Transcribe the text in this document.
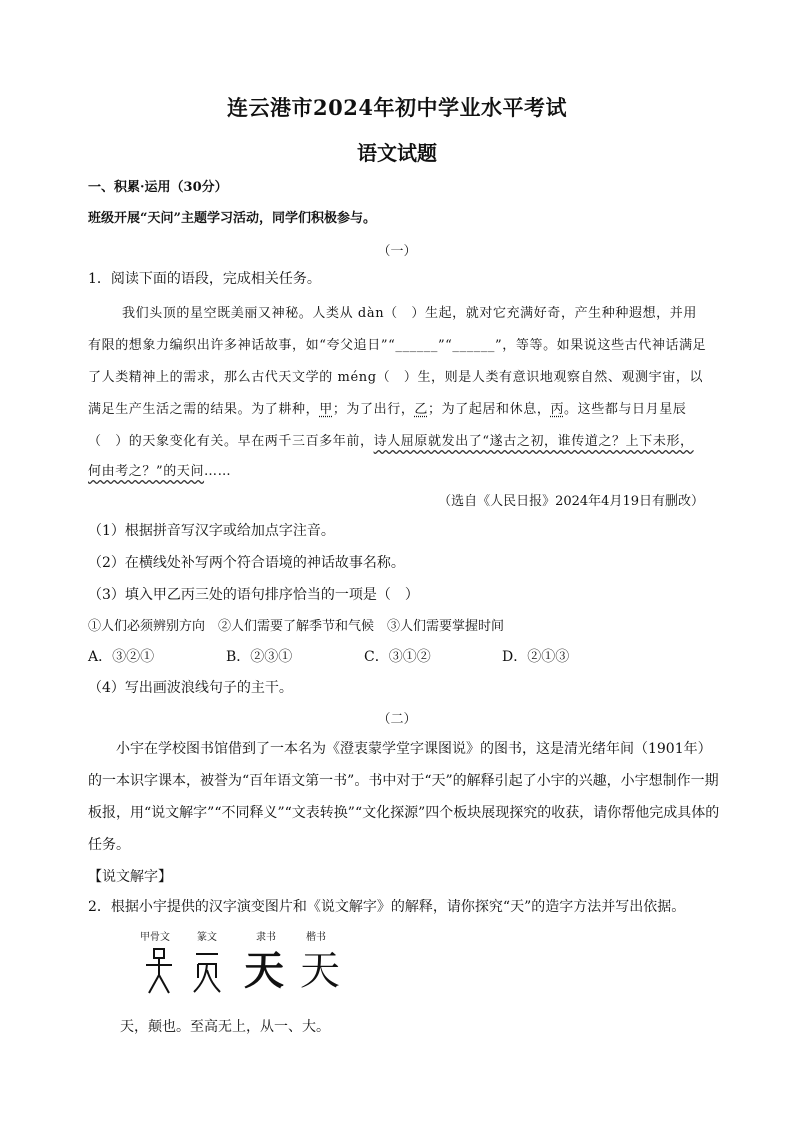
连云港市2024年初中学业水平考试
语文试题
一、积累·运用（30分）
班级开展“天问”主题学习活动，同学们积极参与。
（一）
1．阅读下面的语段，完成相关任务。
我们头顶的星空既美丽又神秘。人类从 dàn（　）生起，就对它充满好奇，产生种种遐想，并用
有限的想象力编织出许多神话故事，如“夸父追日”“______”“______”，等等。如果说这些古代神话满足
了人类精神上的需求，那么古代天文学的 méng（　）生，则是人类有意识地观察自然、观测宇宙，以
满足生产生活之需的结果。为了耕种，甲；为了出行，乙；为了起居和休息，丙。这些都与日月星辰
（　）的天象变化有关。早在两千三百多年前，诗人屈原就发出了“遂古之初，谁传道之？上下未形，
何由考之？”的天问……
（选自《人民日报》2024年4月19日有删改）
（1）根据拼音写汉字或给加点字注音。
（2）在横线处补写两个符合语境的神话故事名称。
（3）填入甲乙丙三处的语句排序恰当的一项是（　）
①人们必须辨别方向　②人们需要了解季节和气候　③人们需要掌握时间
A．③②①	B．②③①	C．③①②	D．②①③
（4）写出画波浪线句子的主干。
（二）
小宇在学校图书馆借到了一本名为《澄衷蒙学堂字课图说》的图书，这是清光绪年间（1901年）
的一本识字课本，被誉为“百年语文第一书”。书中对于“天”的解释引起了小宇的兴趣，小宇想制作一期
板报，用“说文解字”“不同释义”“文表转换”“文化探源”四个板块展现探究的收获，请你帮他完成具体的
任务。
【说文解字】
2．根据小宇提供的汉字演变图片和《说文解字》的解释，请你探究“天”的造字方法并写出依据。
甲骨文	篆文	隶书	楷书
天 天
天，颠也。至高无上，从一、大。
